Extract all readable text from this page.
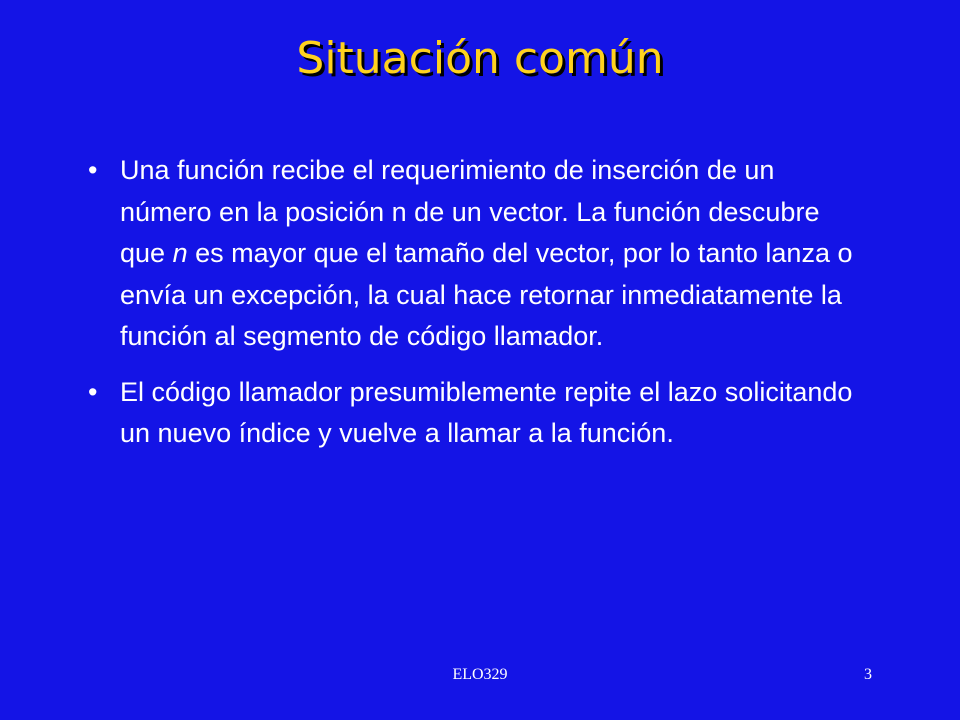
Situación común
• Una función recibe el requerimiento de inserción de un número en la posición n de un vector. La función descubre que n es mayor que el tamaño del vector, por lo tanto lanza o envía un excepción, la cual hace retornar inmediatamente la función al segmento de código llamador.
• El código llamador presumiblemente repite el lazo solicitando un nuevo índice y vuelve a llamar a la función.
ELO329	3
